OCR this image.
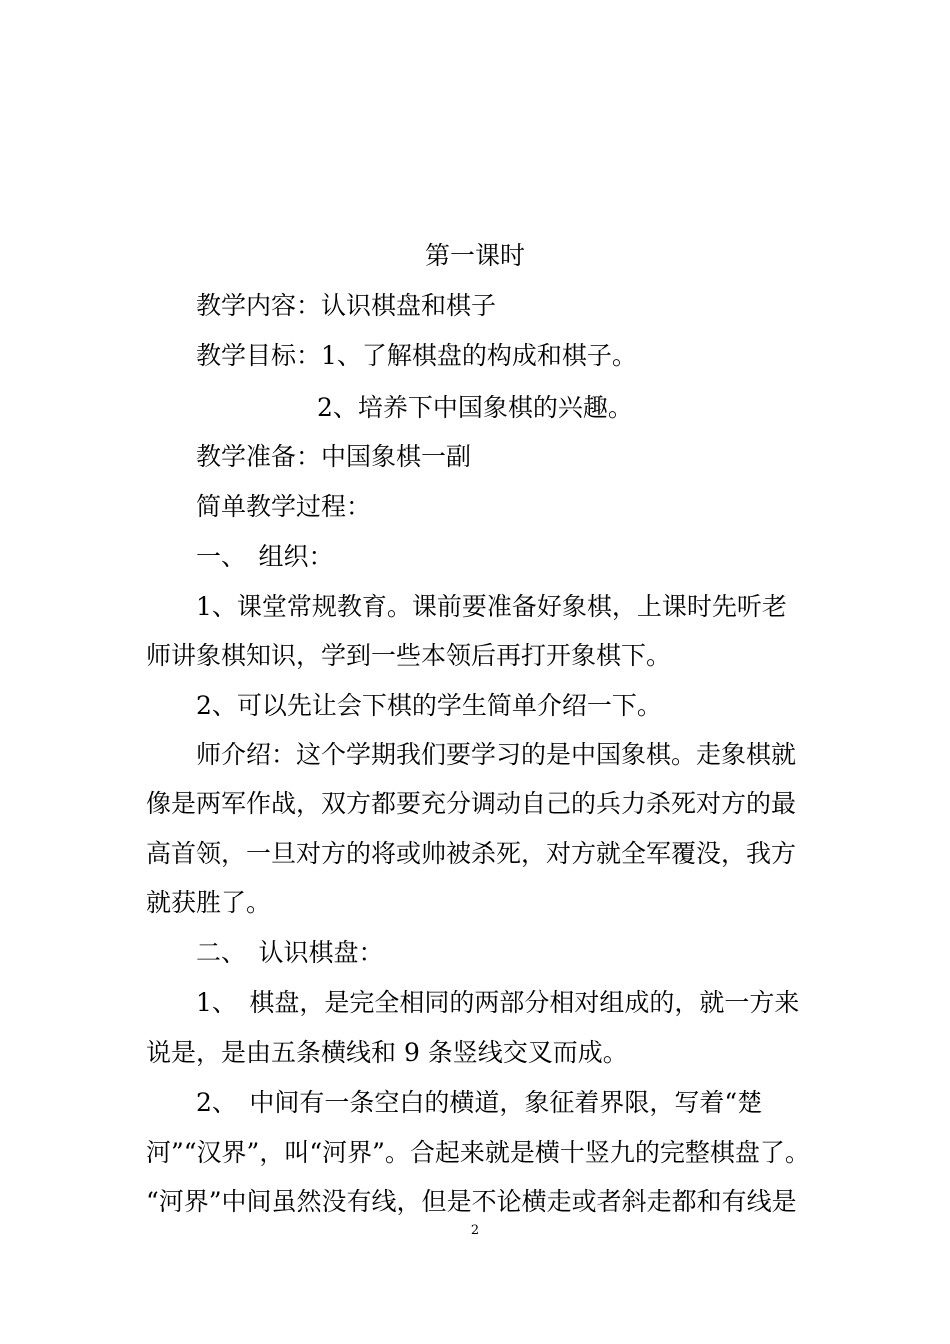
第一课时
教学内容：认识棋盘和棋子
教学目标：1、了解棋盘的构成和棋子。
2、培养下中国象棋的兴趣。
教学准备：中国象棋一副
简单教学过程：
一、　组织：
1、课堂常规教育。课前要准备好象棋，上课时先听老
师讲象棋知识，学到一些本领后再打开象棋下。
2、可以先让会下棋的学生简单介绍一下。
师介绍：这个学期我们要学习的是中国象棋。走象棋就
像是两军作战，双方都要充分调动自己的兵力杀死对方的最
高首领，一旦对方的将或帅被杀死，对方就全军覆没，我方
就获胜了。
二、　认识棋盘：
1、　棋盘，是完全相同的两部分相对组成的，就一方来
说是，是由五条横线和 9 条竖线交叉而成。
2、　中间有一条空白的横道，象征着界限，写着“楚
河”“汉界”，叫“河界”。合起来就是横十竖九的完整棋盘了。
“河界”中间虽然没有线，但是不论横走或者斜走都和有线是
2
